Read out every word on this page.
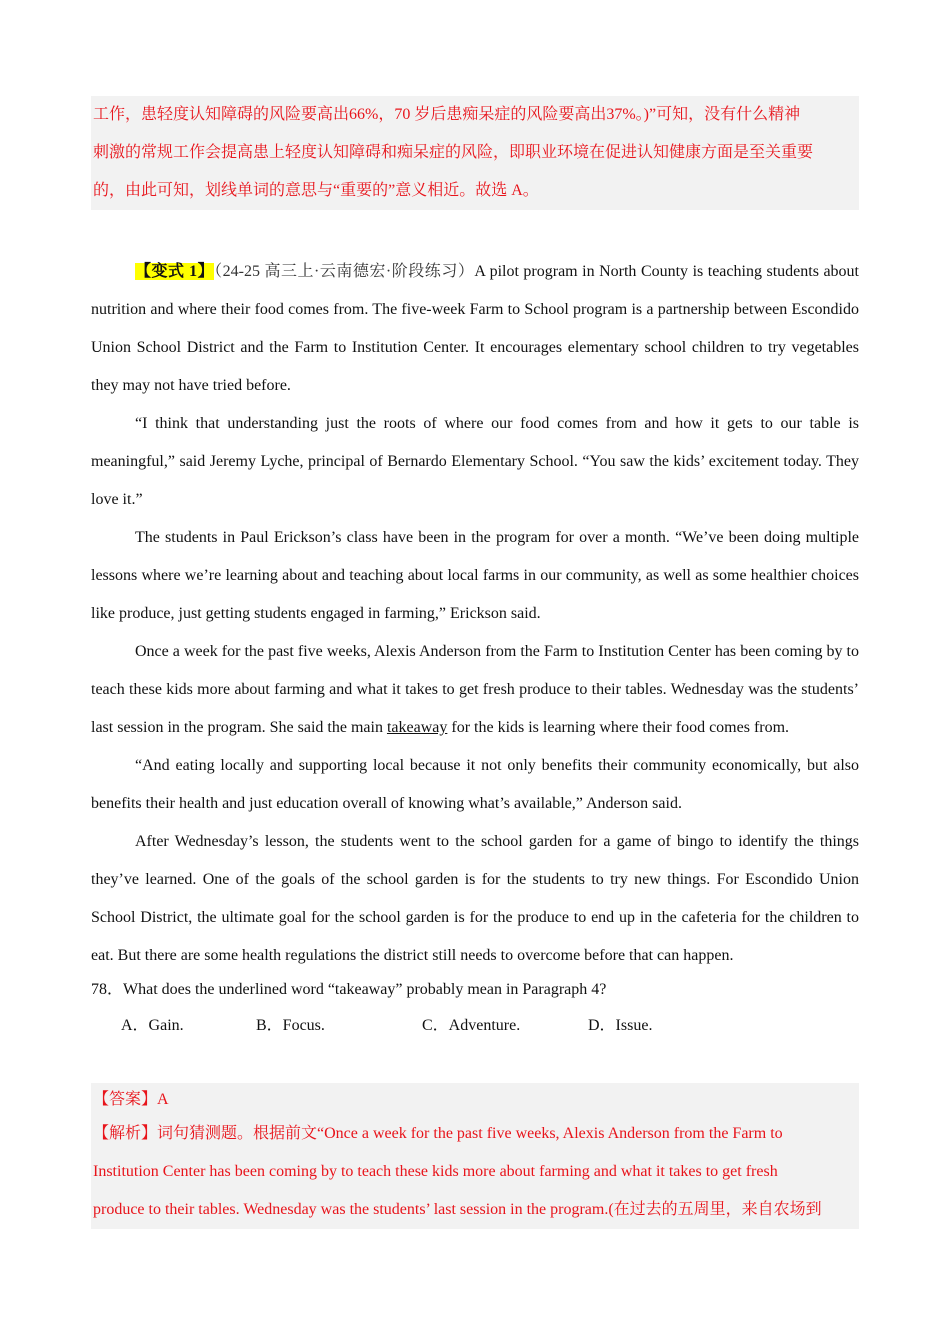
工作，患轻度认知障碍的风险要高出66%，70 岁后患痴呆症的风险要高出37%。)”可知，没有什么精神
刺激的常规工作会提高患上轻度认知障碍和痴呆症的风险，即职业环境在促进认知健康方面是至关重要
的，由此可知，划线单词的意思与“重要的”意义相近。故选 A。

【变式 1】（24-25 高三上·云南德宏·阶段练习）A pilot program in North County is teaching students about nutrition and where their food comes from. The five-week Farm to School program is a partnership between Escondido Union School District and the Farm to Institution Center. It encourages elementary school children to try vegetables they may not have tried before.

“I think that understanding just the roots of where our food comes from and how it gets to our table is meaningful,” said Jeremy Lyche, principal of Bernardo Elementary School. “You saw the kids’ excitement today. They love it.”

The students in Paul Erickson’s class have been in the program for over a month. “We’ve been doing multiple lessons where we’re learning about and teaching about local farms in our community, as well as some healthier choices like produce, just getting students engaged in farming,” Erickson said.

Once a week for the past five weeks, Alexis Anderson from the Farm to Institution Center has been coming by to teach these kids more about farming and what it takes to get fresh produce to their tables. Wednesday was the students’ last session in the program. She said the main takeaway for the kids is learning where their food comes from.

“And eating locally and supporting local because it not only benefits their community economically, but also benefits their health and just education overall of knowing what’s available,” Anderson said.

After Wednesday’s lesson, the students went to the school garden for a game of bingo to identify the things they’ve learned. One of the goals of the school garden is for the students to try new things. For Escondido Union School District, the ultimate goal for the school garden is for the produce to end up in the cafeteria for the children to eat. But there are some health regulations the district still needs to overcome before that can happen.

78．What does the underlined word “takeaway” probably mean in Paragraph 4?
A．Gain.	B．Focus.	C．Adventure.	D．Issue.
【答案】A
【解析】词句猜测题。根据前文“Once a week for the past five weeks, Alexis Anderson from the Farm to
Institution Center has been coming by to teach these kids more about farming and what it takes to get fresh
produce to their tables. Wednesday was the students’ last session in the program.(在过去的五周里，来自农场到
